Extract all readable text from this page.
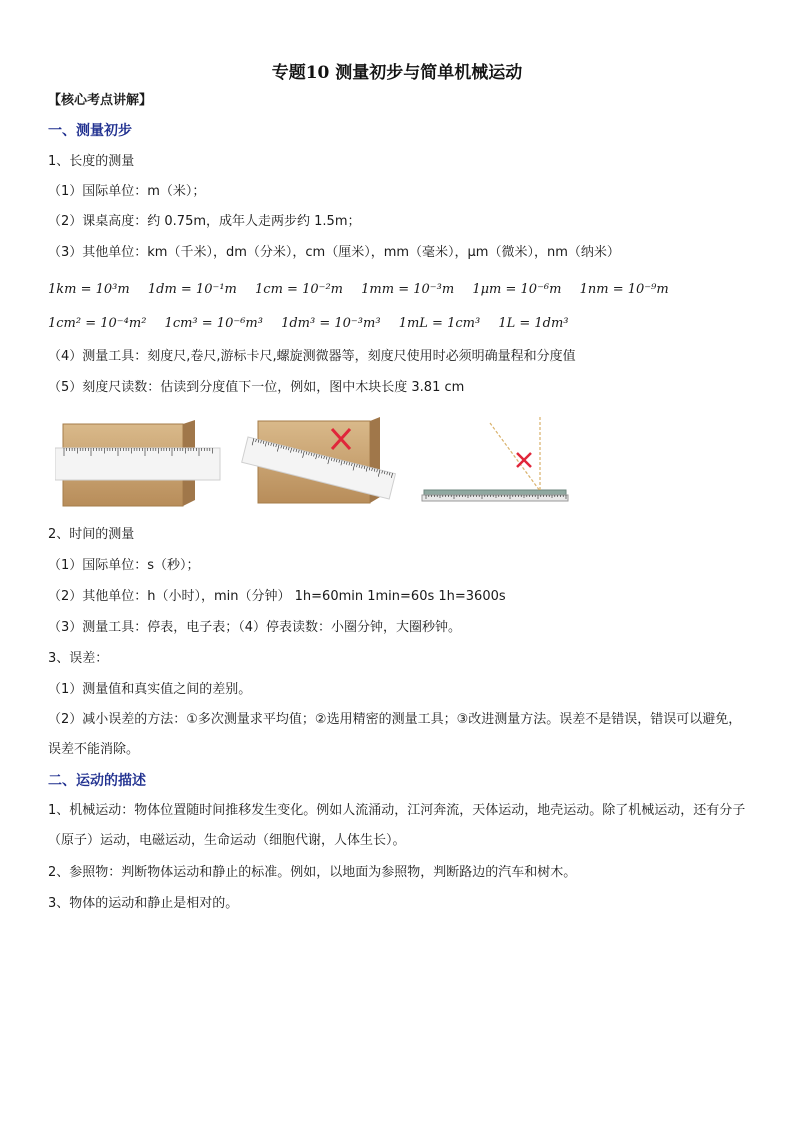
专题10 测量初步与简单机械运动
【核心考点讲解】
一、测量初步
1、长度的测量
（1）国际单位：m（米）；
（2）课桌高度：约 0.75m，成年人走两步约 1.5m；
（3）其他单位：km（千米），dm（分米），cm（厘米），mm（毫米），μm（微米），nm（纳米）
1km = 10³m 1dm = 10⁻¹m 1cm = 10⁻²m 1mm = 10⁻³m 1μm = 10⁻⁶m 1nm = 10⁻⁹m
1cm² = 10⁻⁴m² 1cm³ = 10⁻⁶m³ 1dm³ = 10⁻³m³ 1mL = 1cm³ 1L = 1dm³
（4）测量工具：刻度尺,卷尺,游标卡尺,螺旋测微器等，刻度尺使用时必须明确量程和分度值
（5）刻度尺读数：估读到分度值下一位，例如，图中木块长度 3.81 cm
2、时间的测量
（1）国际单位：s（秒）；
（2）其他单位：h（小时），min（分钟） 1h=60min 1min=60s 1h=3600s
（3）测量工具：停表，电子表；（4）停表读数：小圈分钟，大圈秒钟。
3、误差：
（1）测量值和真实值之间的差别。
（2）减小误差的方法：①多次测量求平均值；②选用精密的测量工具；③改进测量方法。误差不是错误，错误可以避免，误差不能消除。
二、运动的描述
1、机械运动：物体位置随时间推移发生变化。例如人流涌动，江河奔流，天体运动，地壳运动。除了机械运动，还有分子（原子）运动，电磁运动，生命运动（细胞代谢，人体生长）。
2、参照物：判断物体运动和静止的标准。例如，以地面为参照物，判断路边的汽车和树木。
3、物体的运动和静止是相对的。
